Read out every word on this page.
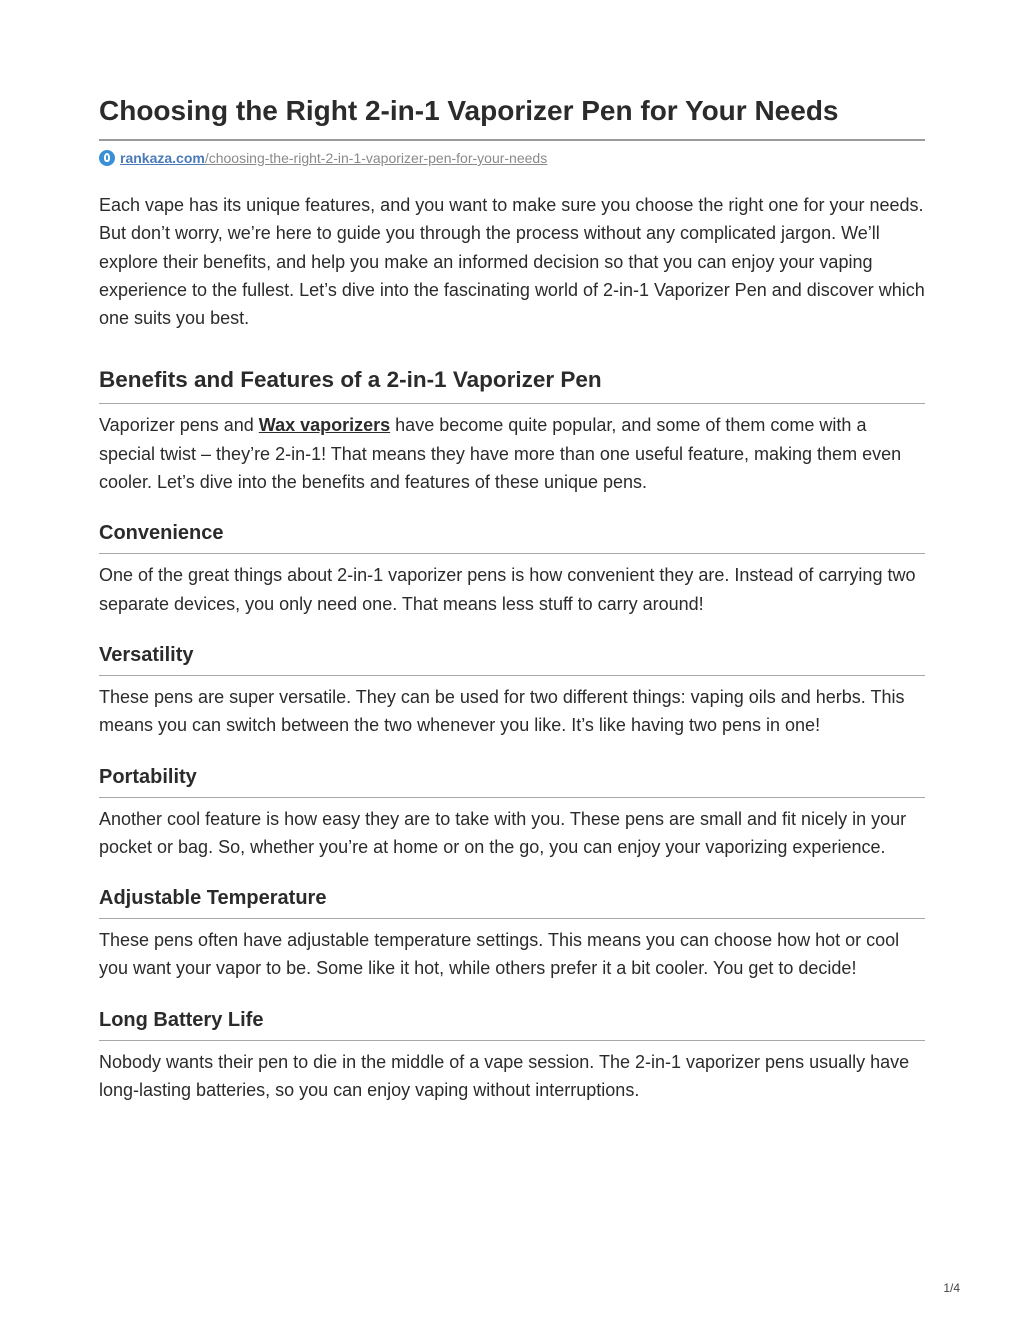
Choosing the Right 2-in-1 Vaporizer Pen for Your Needs
rankaza.com/choosing-the-right-2-in-1-vaporizer-pen-for-your-needs

Each vape has its unique features, and you want to make sure you choose the right one for your needs. But don’t worry, we’re here to guide you through the process without any complicated jargon. We’ll explore their benefits, and help you make an informed decision so that you can enjoy your vaping experience to the fullest. Let’s dive into the fascinating world of 2-in-1 Vaporizer Pen and discover which one suits you best.

Benefits and Features of a 2-in-1 Vaporizer Pen

Vaporizer pens and Wax vaporizers have become quite popular, and some of them come with a special twist – they’re 2-in-1! That means they have more than one useful feature, making them even cooler. Let’s dive into the benefits and features of these unique pens.

Convenience

One of the great things about 2-in-1 vaporizer pens is how convenient they are. Instead of carrying two separate devices, you only need one. That means less stuff to carry around!

Versatility

These pens are super versatile. They can be used for two different things: vaping oils and herbs. This means you can switch between the two whenever you like. It’s like having two pens in one!

Portability

Another cool feature is how easy they are to take with you. These pens are small and fit nicely in your pocket or bag. So, whether you’re at home or on the go, you can enjoy your vaporizing experience.

Adjustable Temperature

These pens often have adjustable temperature settings. This means you can choose how hot or cool you want your vapor to be. Some like it hot, while others prefer it a bit cooler. You get to decide!

Long Battery Life

Nobody wants their pen to die in the middle of a vape session. The 2-in-1 vaporizer pens usually have long-lasting batteries, so you can enjoy vaping without interruptions.

1/4
